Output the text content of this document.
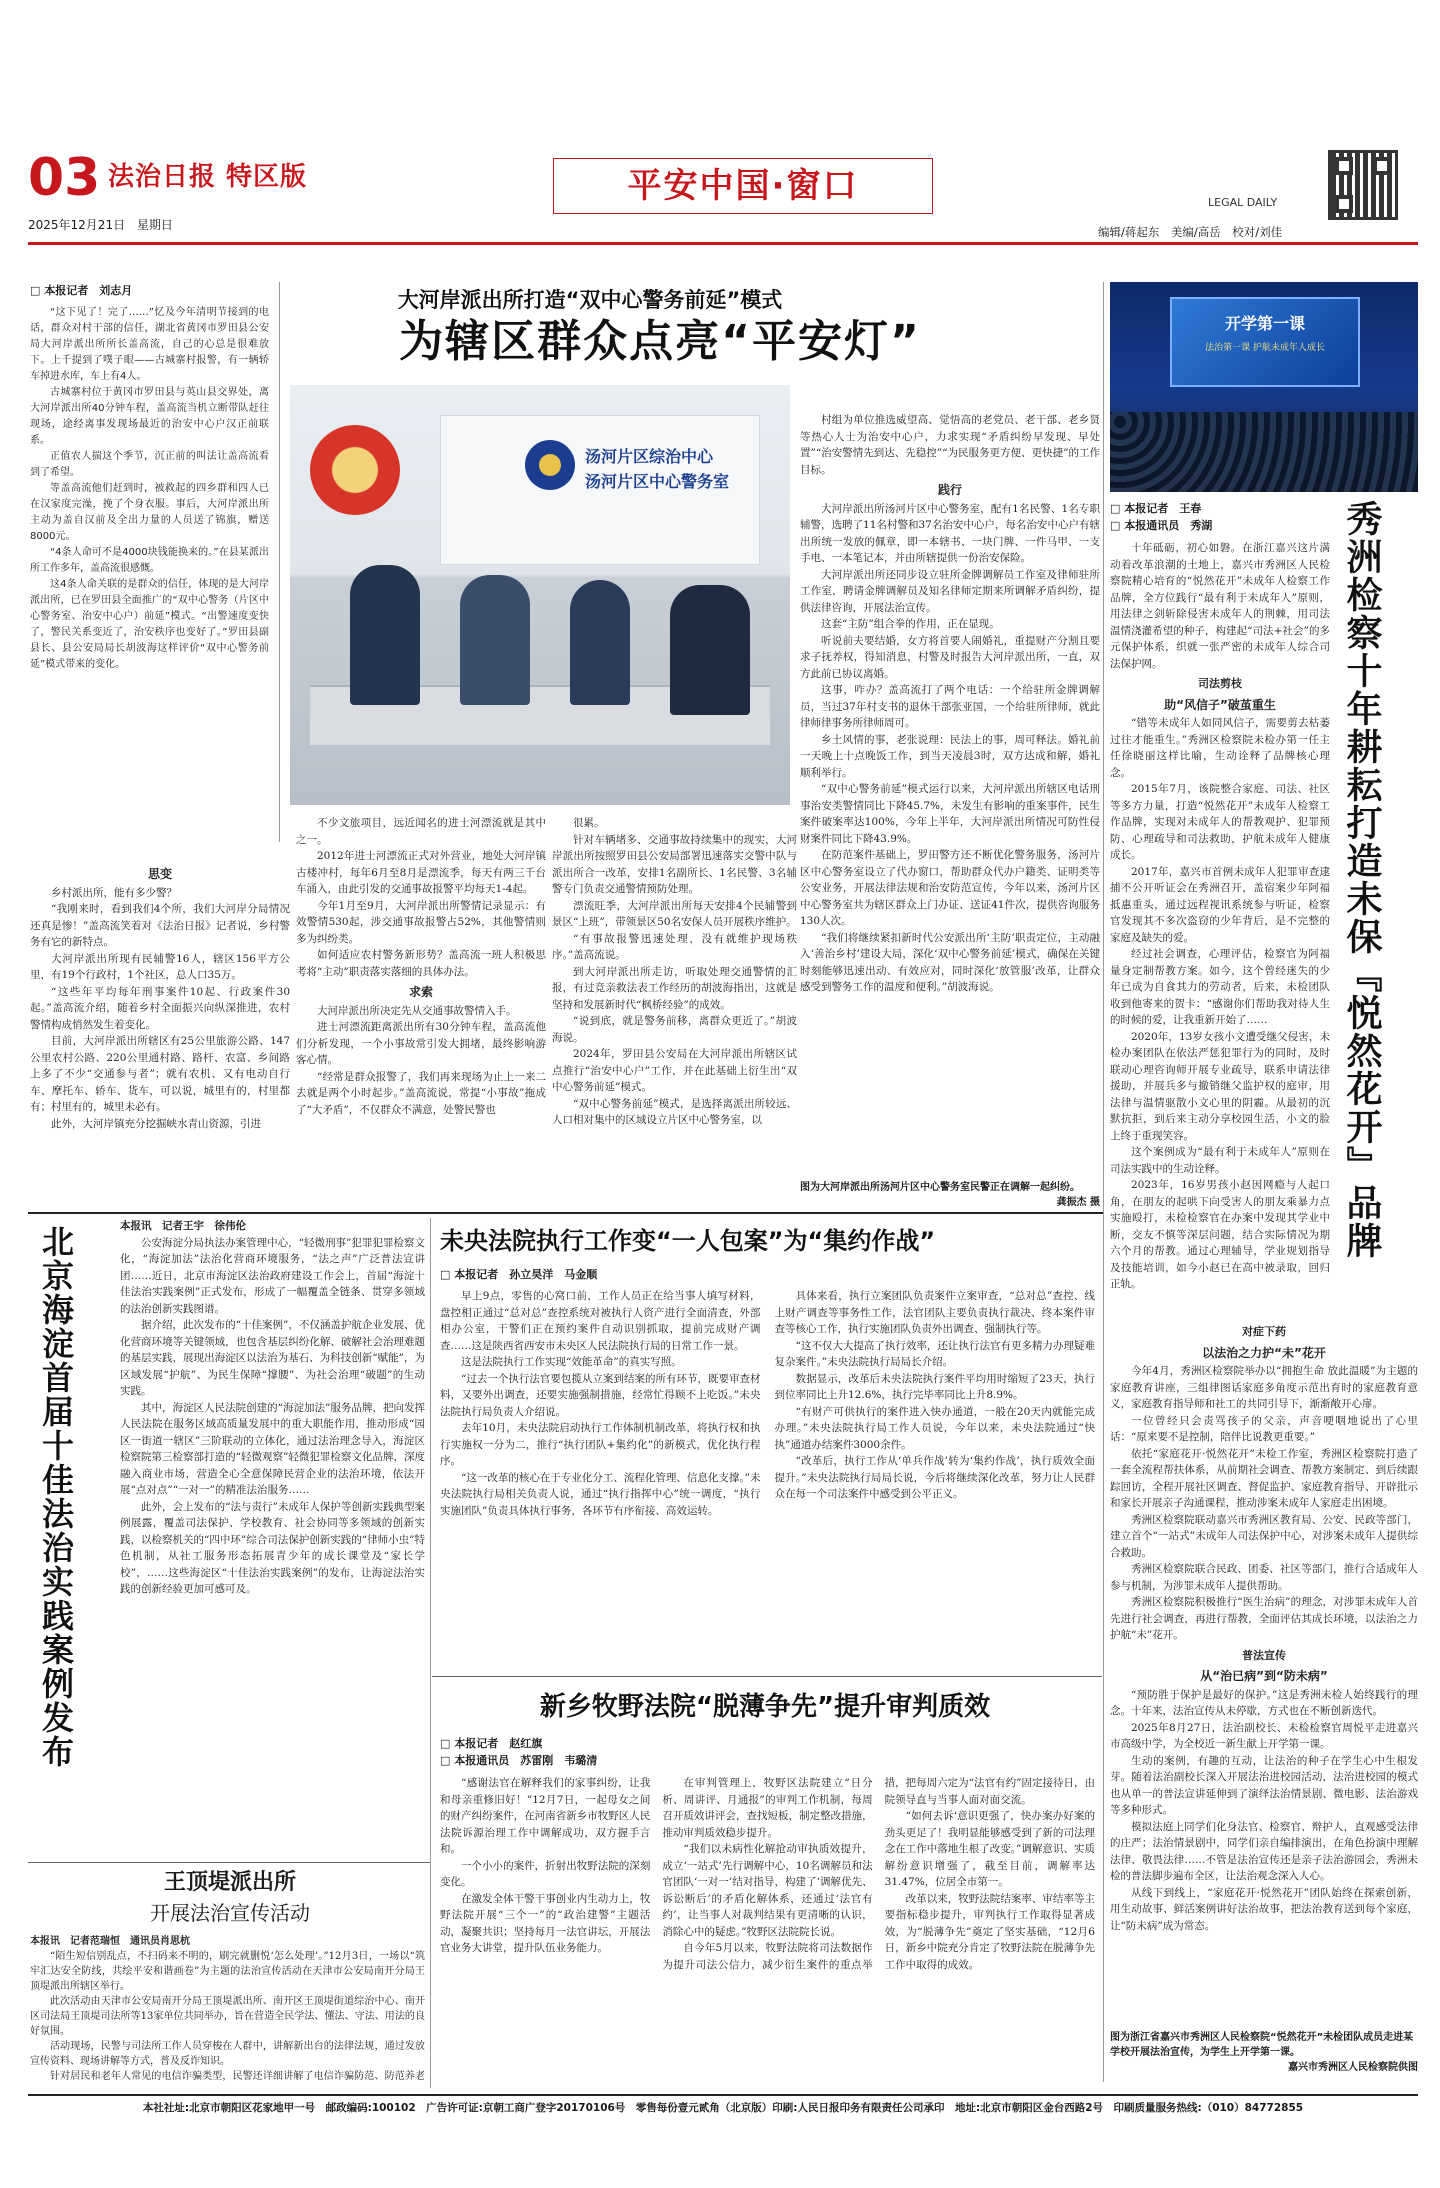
03 法治日报 特区版
2025年12月21日 星期日
平安中国·窗口	LEGAL DAILY
编辑/蒋起东　美编/高岳　校对/刘佳
大河岸派出所打造“双中心警务前延”模式
为辖区群众点亮“平安灯”
□ 本报记者　刘志月

“这下见了！完了……”忆及今年清明节接到的电话，群众对村干部的信任，湖北省黄冈市罗田县公安局大河岸派出所所长盖高流，自己的心总是很难放下。上千提到了噗子眼——古城寨村报警，有一辆轿车掉进水库，车上有4人。

古城寨村位于黄冈市罗田县与英山县交界处，离大河岸派出所40分钟车程，盖高流当机立断带队赶往现场，途经离事发现场最近的治安中心户汉正前联系。

正值农人揣这个季节，沉正前的叫法让盖高流看到了希望。

等盖高流他们赶到时，被救起的四乡群和四人已在汉家度完澡，挽了个身衣服。事后，大河岸派出所主动为盖自汉前及全出力量的人员送了锦旗，赠送8000元。

“4条人命可不是4000块钱能换来的。”在县某派出所工作多年，盖高流很感慨。

这4条人命关联的是群众的信任，体现的是大河岸派出所，已在罗田县全面推广的“双中心警务（片区中心警务室、治安中心户）前延”模式。“出警速度变快了，警民关系变近了，治安秩序也变好了。”罗田县副县长、县公安局局长胡波海这样评价“双中心警务前延”模式带来的变化。

汤河片区综治中心
汤河片区中心警务室
思变

乡村派出所，能有多少警？

“我刚来时，看到我们4个所，我们大河岸分局情况还真是惨！”盖高流笑着对《法治日报》记者说，乡村警务有它的新特点。

大河岸派出所现有民辅警16人，辖区156平方公里，有19个行政村，1个社区，总人口35万。

“这些年平均每年刑事案件10起、行政案件30起。”盖高流介绍，随着乡村全面振兴向纵深推进，农村警情构成悄然发生着变化。

目前，大河岸派出所辖区有25公里旅游公路、147公里农村公路、220公里通村路、路杆、农富、乡间路上多了不少“交通参与者”；就有农机、又有电动自行车、摩托车、轿车、货车，可以说，城里有的，村里都有；村里有的，城里未必有。

此外，大河岸镇充分挖掘峡水青山资源，引进

不少文旅项目，远近闻名的进士河漂流就是其中之一。

2012年进士河漂流正式对外营业，地处大河岸镇古楼冲村，每年6月至8月是漂流季，每天有两三千台车涌入，由此引发的交通事故报警平均每天1-4起。

今年1月至9月，大河岸派出所警情记录显示：有效警情530起，涉交通事故报警占52%，其他警情则多为纠纷类。

如何适应农村警务新形势？盖高流一班人积极思考将“主动”职责落实落细的具体办法。

求索

大河岸派出所决定先从交通事故警情入手。

进士河漂流距离派出所有30分钟车程，盖高流他们分析发现，一个小事故常引发大拥堵，最终影响游客心情。

“经常是群众报警了，我们再来现场为止上一来二去就是两个小时起步。”盖高流说，常提“小事故”拖成了“大矛盾”，不仅群众不满意，处警民警也

很累。

针对车辆堵多、交通事故持续集中的现实，大河岸派出所按照罗田县公安局部署迅速落实交警中队与派出所合一改革，安排1名副所长、1名民警、3名辅警专门负责交通警情预防处理。

漂流旺季，大河岸派出所每天安排4个民辅警到景区“上班”，带领景区50名安保人员开展秩序维护。

“有事故报警迅速处理，没有就维护现场秩序。”盖高流说。

到大河岸派出所走访，听取处理交通警情的汇报，有过竞亲救法表工作经历的胡波海指出，这就是坚持和发展新时代“枫桥经验”的成效。

“说到底，就是警务前移，离群众更近了。”胡波海说。

2024年，罗田县公安局在大河岸派出所辖区试点推行“治安中心户”工作，并在此基础上衍生出“双中心警务前延”模式。

“双中心警务前延”模式，是选择离派出所较远、人口相对集中的区域设立片区中心警务室，以

村组为单位推选威望高、觉悟高的老党员、老干部、老乡贤等热心人士为治安中心户，力求实现“矛盾纠纷早发现、早处置”“治安警情先到达、先稳控”“为民服务更方便、更快捷”的工作目标。

践行

大河岸派出所汤河片区中心警务室，配有1名民警、1名专职辅警，选聘了11名村警和37名治安中心户，每名治安中心户有辖出所统一发放的佩章，即一本辖书、一块门牌、一件马甲、一支手电、一本笔记本，并由所辖提供一份治安保险。

大河岸派出所还同步设立驻所金牌调解员工作室及律师驻所工作室，聘请金牌调解员及知名律师定期来所调解矛盾纠纷，提供法律咨询，开展法治宣传。

这套“主防”组合拳的作用，正在显现。

听说前夫要结婚，女方将首要人闹婚礼，重提财产分割且要求子抚养权，得知消息，村警及时报告大河岸派出所，一直，双方此前已协议离婚。

这事，咋办？盖高流打了两个电话：一个给驻所金牌调解员，当过37年村支书的退休干部张亚国，一个给驻所律师，就此律师律事务所律师周可。

乡土风情的事，老张说理：民法上的事，周可释法。婚礼前一天晚上十点晚饭工作，到当天凌晨3时，双方达成和解，婚礼顺利举行。

“双中心警务前延”模式运行以来，大河岸派出所辖区电话刑事治安类警情同比下降45.7%，未发生有影响的重案事件，民生案件破案率达100%，今年上半年，大河岸派出所情况可防性侵财案件同比下降43.9%。

在防范案件基础上，罗田警方还不断优化警务服务，汤河片区中心警务室设立了代办窗口，帮助群众代办户籍类、证明类等公安业务，开展法律法规和治安防范宣传，今年以来，汤河片区中心警务室共为辖区群众上门办证、送证41件次，提供咨询服务130人次。

“我们将继续紧扣新时代公安派出所‘主防’职责定位，主动融入‘善治乡村’建设大局，深化‘双中心警务前延’模式，确保在关键时刻能够迅速出动、有效应对，同时深化‘放管服’改革，让群众感受到警务工作的温度和便利。”胡波海说。

图为大河岸派出所汤河片区中心警务室民警正在调解一起纠纷。
龚振杰 摄
开学第一课
法治第一课 护航未成年人成长
□ 本报记者　王春
□ 本报通讯员　秀湖	秀洲检察十年耕耘打造未保『悦然花开』品牌

十年砥砺，初心如磐。在浙江嘉兴这片满动着改革浪潮的土地上，嘉兴市秀洲区人民检察院精心培育的“悦然花开”未成年人检察工作品牌，全方位践行“最有利于未成年人”原则，用法律之剑斩除侵害未成年人的荆棘，用司法温情浇灌希望的种子，构建起“司法+社会”的多元保护体系，织就一张严密的未成年人综合司法保护网。

司法剪枝
助“风信子”破茧重生

“错等未成年人如同风信子，需要剪去枯萎过往才能重生。”秀洲区检察院未检办第一任主任徐晓丽这样比喻，生动诠释了品牌核心理念。

2015年7月，该院整合家庭、司法、社区等多方力量，打造“悦然花开”未成年人检察工作品牌，实现对未成年人的帮教观护、犯罪预防、心理疏导和司法救助，护航未成年人健康成长。

2017年，嘉兴市首例未成年人犯罪审查逮捕不公开听证会在秀洲召开，盖宿案少年阿福抵惠重头，通过远程视讯系统参与听证，检察官发现其不多次盗窃的少年背后，是不完整的家庭及缺失的爱。

经过社会调查，心理评估，检察官为阿福量身定制帮教方案。如今，这个曾经迷失的少年已成为自食其力的劳动者，后来，未检团队收到他寄来的贺卡：“感谢你们帮助我对待人生的时候的爱，让我重新开始了……

2020年，13岁女孩小文遭受继父侵害，未检办案团队在依法严惩犯罪行为的同时，及时联动心理咨询师开展专业疏导，联系申请法律援助，并展兵多与撤销继父监护权的庭审，用法律与温情驱散小文心里的阴霾。从最初的沉默抗拒，到后来主动分享校园生活，小文的脸上终于重现笑容。

这个案例成为“最有利于未成年人”原则在司法实践中的生动诠释。

2023年，16岁男孩小赵因网瘾与人起口角，在朋友的起哄下向受害人的朋友乘暴力点实施殴打，未检检察官在办案中发现其学业中断，交友不慎等深层问题，结合实际情况为期六个月的帮教。通过心理辅导，学业规划指导及技能培训，如今小赵已在高中被录取，回归正轨。

对症下药
以法治之力护“未”花开

今年4月，秀洲区检察院举办以“拥抱生命 放此温暖”为主题的家庭教育讲座，三组律图话家庭多角度示范出育时的家庭教育意义，家庭教育指导师和社工的共同引导下，渐渐敞开心扉。

一位曾经只会责骂孩子的父亲，声音哽咽地说出了心里话：“原来要不是控制，陪伴比说教更重要。”

依托“家庭花开·悦然花开”未检工作室，秀洲区检察院打造了一套全流程帮扶体系，从前期社会调查、帮教方案制定、到后续跟踪回访，全程开展社区调查、督促监护、家庭教育指导、开辟批示和家长开展亲子沟通课程，推动涉案未成年人家庭走出困境。

秀洲区检察院联动嘉兴市秀洲区教育局、公安、民政等部门，建立首个“一站式”未成年人司法保护中心，对涉案未成年人提供综合救助。

秀洲区检察院联合民政、团委、社区等部门，推行合适成年人参与机制，为涉罪未成年人提供帮助。

秀洲区检察院积极推行“医生治病”的理念，对涉罪未成年人首先进行社会调查，再进行帮教，全面评估其成长环境，以法治之力护航“未”花开。

普法宣传
从“治已病”到“防未病”

“预防胜于保护是最好的保护。”这是秀洲未检人始终践行的理念。十年来，法治宣传从未停歇，方式也在不断创新迭代。

2025年8月27日，法治副校长、未检检察官周悦平走进嘉兴市高级中学，为全校近一新生献上开学第一课。

生动的案例，有趣的互动，让法治的种子在学生心中生根发芽。随着法治副校长深入开展法治进校园活动，法治进校园的模式也从单一的普法宣讲延伸到了演绎法治情景剧、微电影、法治游戏等多种形式。

模拟法庭上同学们化身法官、检察官、辩护人，直观感受法律的庄严；法治情景剧中，同学们亲自编排演出，在角色扮演中理解法律、敬畏法律……不管是法治宣传还是亲子法治游园会，秀洲未检的普法脚步遍布全区，让法治观念深入人心。

从线下到线上，“家庭花开·悦然花开”团队始终在探索创新，用生动故事、鲜活案例讲好法治故事，把法治教育送到每个家庭，让“防未病”成为常态。

图为浙江省嘉兴市秀洲区人民检察院“悦然花开”未检团队成员走进某学校开展法治宣传，为学生上开学第一课。
嘉兴市秀洲区人民检察院供图
北京海淀首届十佳法治实践案例发布	本报讯　记者王宇　徐伟伦

公安海淀分局执法办案管理中心，“轻微刑事”犯罪犯罪检察文化，“海淀加法”法治化营商环境服务，“法之声”广泛普法宣讲团……近日，北京市海淀区法治政府建设工作会上，首届“海淀十佳法治实践案例”正式发布，形成了一幅覆盖全链条、贯穿多领域的法治创新实践图谱。

据介绍，此次发布的“十佳案例”，不仅涵盖护航企业发展、优化营商环境等关键领域，也包含基层纠纷化解、破解社会治理难题的基层实践，展现出海淀区以法治为基石、为科技创新“赋能”，为区域发展“护航”、为民生保障“撑腰”、为社会治理“破题”的生动实践。

其中，海淀区人民法院创建的“海淀加法”服务品牌，把向发挥人民法院在服务区域高质量发展中的重大职能作用，推动形成“园区一街道一辖区”三阶联动的立体化，通过法治理念导入，海淀区检察院第三检察部打造的“轻微观察”轻微犯罪检察文化品牌，深度融入商业市场，营造全心全意保障民营企业的法治环境，依法开展“点对点”“一对一”的精准法治服务……

此外，会上发布的“法与责行”未成年人保护等创新实践典型案例展露，覆盖司法保护、学校教育、社会协同等多领域的创新实践，以检察机关的“四中环”综合司法保护创新实践的“律师小虫”特色机制，从社工服务形态拓展青少年的成长课堂及“家长学校”，……这些海淀区“十佳法治实践案例”的发布，让海淀法治实践的创新经验更加可感可及。

未央法院执行工作变“一人包案”为“集约作战”
□ 本报记者　孙立昊洋　马金顺

早上9点，零售的心窝口前，工作人员正在给当事人填写材料，盘控相正通过“总对总”查控系统对被执行人资产进行全面清查，外部相办公室，干警们正在预约案件自动识别抓取，提前完成财产调查……这是陕西省西安市未央区人民法院执行局的日常工作一景。

这是法院执行工作实现“效能革命”的真实写照。

“过去一个执行法官要包揽从立案到结案的所有环节，既要审查材料，又要外出调查，还要实施强制措施，经常忙得顾不上吃饭。”未央法院执行局负责人介绍说。

去年10月，未央法院启动执行工作体制机制改革，将执行权和执行实施权一分为二，推行“执行团队+集约化”的新模式，优化执行程序。

“这一改革的核心在于专业化分工、流程化管理、信息化支撑。”未央法院执行局相关负责人说，通过“执行指挥中心”统一调度，“执行实施团队”负责具体执行事务，各环节有序衔接、高效运转。

具体来看，执行立案团队负责案件立案审查，“总对总”查控、线上财产调查等事务性工作，法官团队主要负责执行裁决、终本案件审查等核心工作，执行实施团队负责外出调查、强制执行等。

“这不仅大大提高了执行效率，还让执行法官有更多精力办理疑难复杂案件。”未央法院执行局局长介绍。

数据显示，改革后未央法院执行案件平均用时缩短了23天，执行到位率同比上升12.6%，执行完毕率同比上升8.9%。

“有财产可供执行的案件进入快办通道，一般在20天内就能完成办理。”未央法院执行局工作人员说，今年以来，未央法院通过“快执”通道办结案件3000余件。

“改革后，执行工作从‘单兵作战’转为‘集约作战’，执行质效全面提升。”未央法院执行局局长说，今后将继续深化改革，努力让人民群众在每一个司法案件中感受到公平正义。

新乡牧野法院“脱薄争先”提升审判质效
□ 本报记者　赵红旗
□ 本报通讯员　苏雷刚　韦璐清

“感谢法官在解释我们的家事纠纷，让我和母亲重修旧好！”12月7日，一起母女之间的财产纠纷案件，在河南省新乡市牧野区人民法院诉源治理工作中调解成功，双方握手言和。

一个小小的案件，折射出牧野法院的深刻变化。

在激发全体干警干事创业内生动力上，牧野法院开展“三个一”的“政治建警”主题活动，凝聚共识；坚持每月一法官讲坛，开展法官业务大讲堂，提升队伍业务能力。

在审判管理上，牧野区法院建立“日分析、周讲评、月通报”的审判工作机制，每周召开质效讲评会，查找短板，制定整改措施，推动审判质效稳步提升。

“我们以未病性化解抢动审执质效提升，成立‘一站式’先行调解中心，10名调解员和法官团队‘一对一’结对指导，构建了‘调解优先、诉讼断后’的矛盾化解体系，还通过‘法官有约’，让当事人对裁判结果有更清晰的认识，消除心中的疑虑。”牧野区法院院长说。

自今年5月以来，牧野法院将司法数据作为提升司法公信力，减少衍生案件的重点举措，把每周六定为“法官有约”固定接待日，由院领导直与当事人面对面交流。

“如何去诉‘意识更强了，快办案办好案的劲头更足了！我明显能够感受到了新的司法理念在工作中落地生根了改变。”调解意识、实质解纷意识增强了，截至目前，调解率达31.47%，位居全市第一。

改革以来，牧野法院结案率、审结率等主要指标稳步提升，审判执行工作取得显著成效，为“脱薄争先”奠定了坚实基础，“12月6日，新乡中院充分肯定了牧野法院在脱薄争先工作中取得的成效。

王顶堤派出所
开展法治宣传活动
本报讯　记者范瑞恒　通讯员肖思杭

“陌生短信别乱点，不扫码来不明的，刷完就删悦‘怎么处理’。”12月3日，一场以“筑牢汇达安全防线，共绘平安和谐画卷”为主题的法治宣传活动在天津市公安局南开分局王顶堤派出所辖区举行。

此次活动由天津市公安局南开分局王顶堤派出所、南开区王顶堤街道综治中心、南开区司法局王顶堤司法所等13家单位共同举办，旨在营造全民学法、懂法、守法、用法的良好氛围。

活动现场，民警与司法所工作人员穿梭在人群中，讲解新出台的法律法规，通过发放宣传资料、现场讲解等方式，普及反诈知识。

针对居民和老年人常见的电信诈骗类型，民警还详细讲解了电信诈骗防范、防范养老

本社社址:北京市朝阳区花家地甲一号　邮政编码:100102　广告许可证:京朝工商广登字20170106号　零售每份壹元贰角（北京版）印刷:人民日报印务有限责任公司承印　地址:北京市朝阳区金台西路2号　印刷质量服务热线:（010）84772855
